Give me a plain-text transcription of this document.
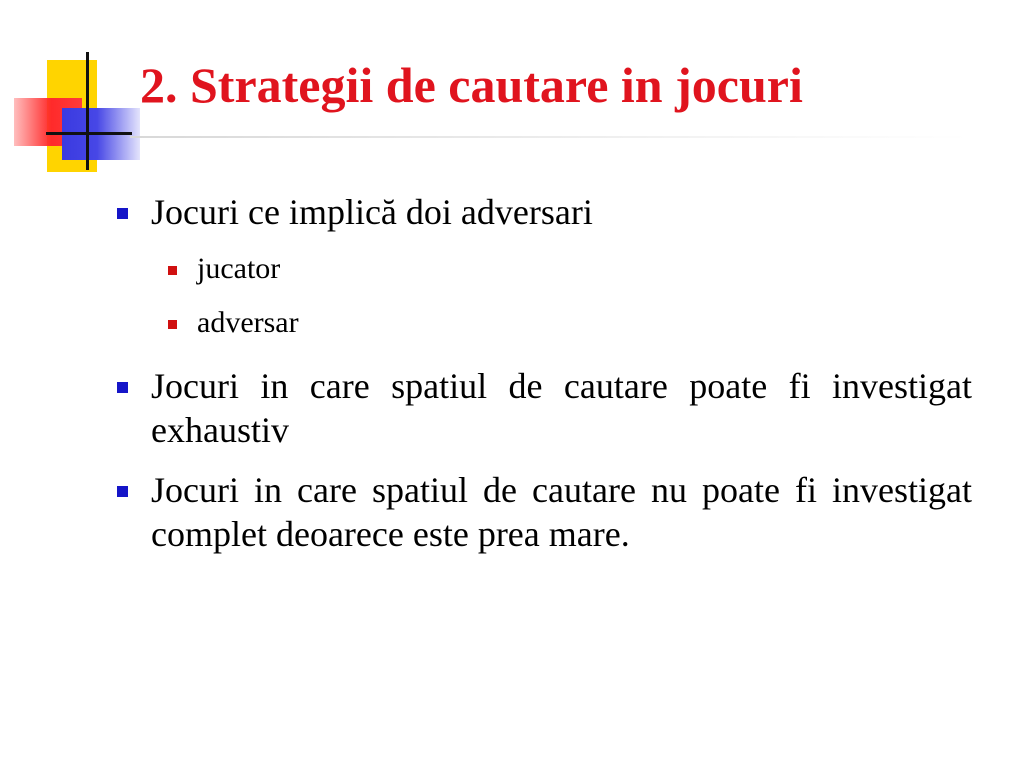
2. Strategii de cautare in jocuri
Jocuri ce implică doi adversari
jucator
adversar
Jocuri in care spatiul de cautare poate fi investigat exhaustiv
Jocuri in care spatiul de cautare nu poate fi investigat complet deoarece este prea mare.
